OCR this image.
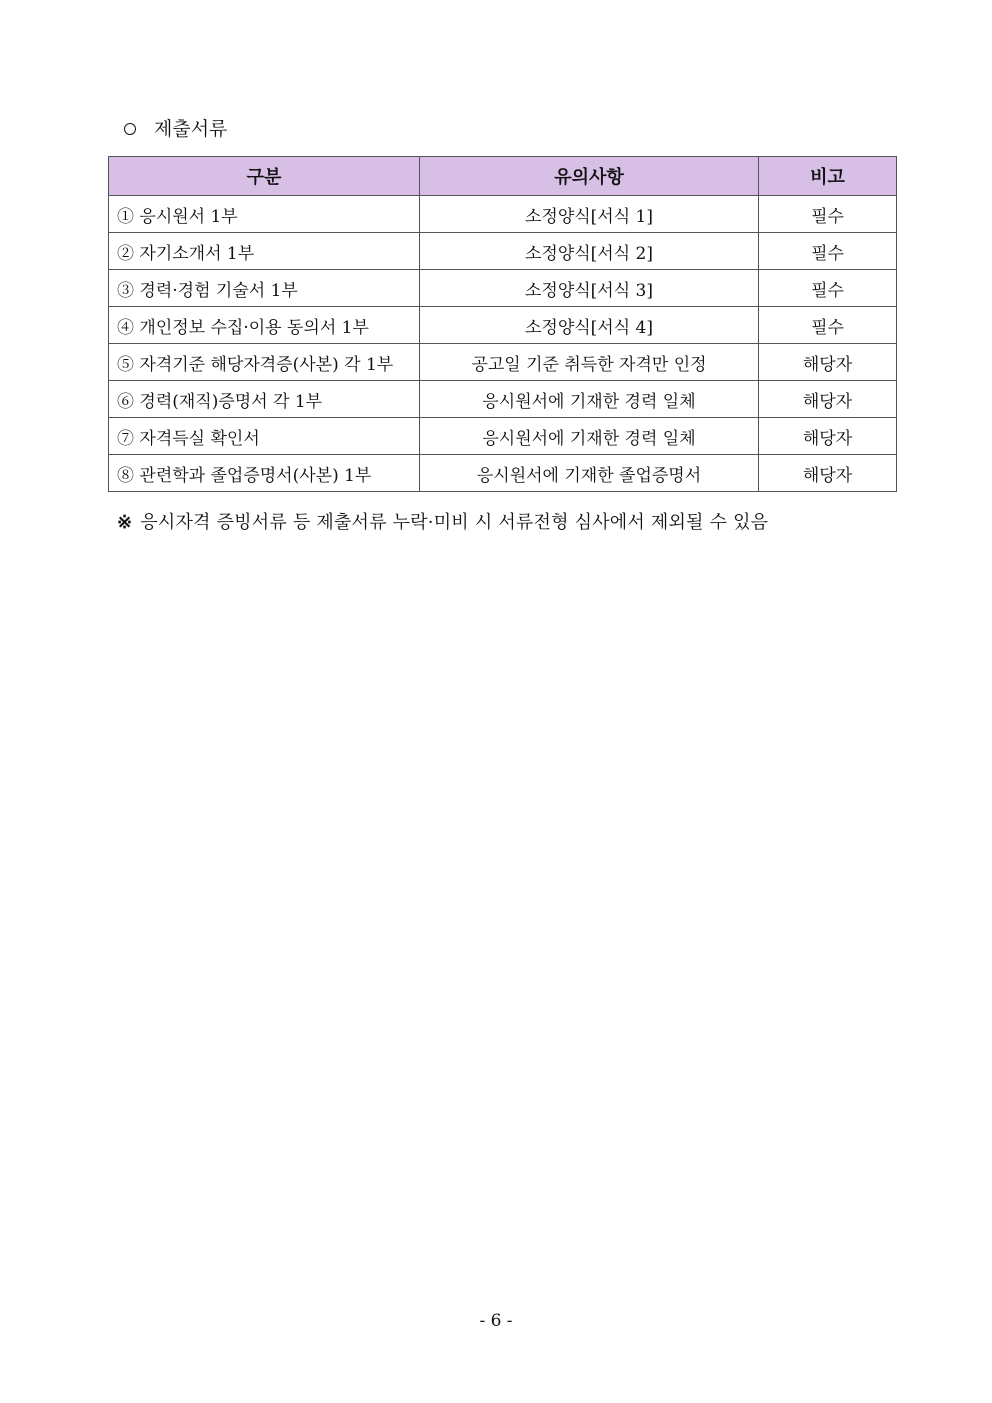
제출서류
구분	유의사항	비고
① 응시원서 1부	소정양식[서식 1]	필수
② 자기소개서 1부	소정양식[서식 2]	필수
③ 경력·경험 기술서 1부	소정양식[서식 3]	필수
④ 개인정보 수집·이용 동의서 1부	소정양식[서식 4]	필수
⑤ 자격기준 해당자격증(사본) 각 1부	공고일 기준 취득한 자격만 인정	해당자
⑥ 경력(재직)증명서 각 1부	응시원서에 기재한 경력 일체	해당자
⑦ 자격득실 확인서	응시원서에 기재한 경력 일체	해당자
⑧ 관련학과 졸업증명서(사본) 1부	응시원서에 기재한 졸업증명서	해당자
※ 응시자격 증빙서류 등 제출서류 누락·미비 시 서류전형 심사에서 제외될 수 있음
- 6 -
